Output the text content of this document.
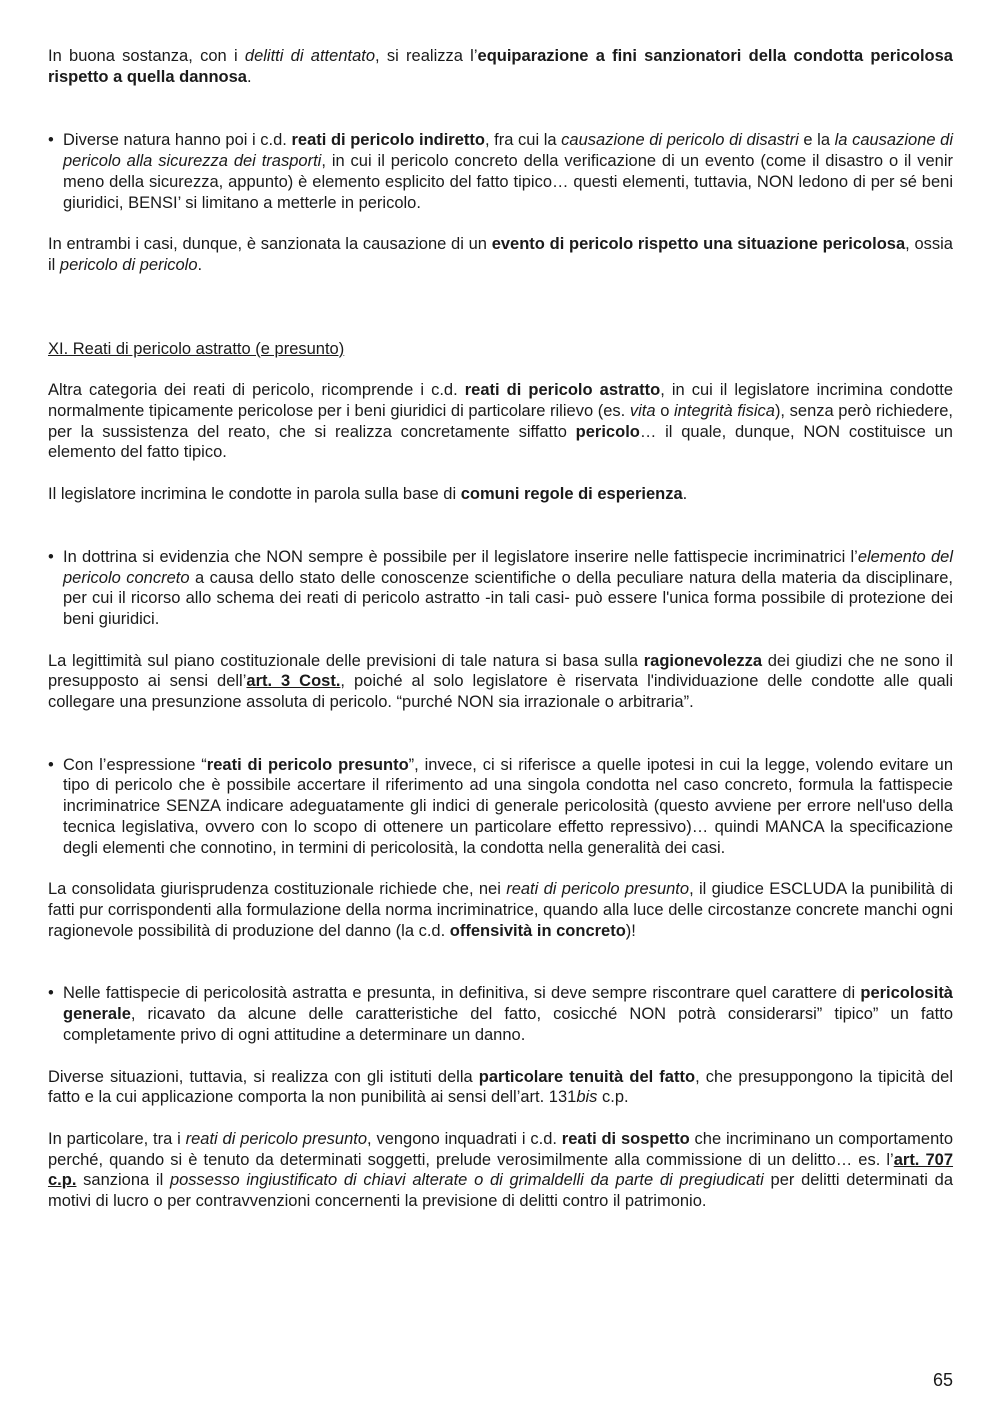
In buona sostanza, con i delitti di attentato, si realizza l’equiparazione a fini sanzionatori della condotta pericolosa rispetto a quella dannosa.

• Diverse natura hanno poi i c.d. reati di pericolo indiretto, fra cui la causazione di pericolo di disastri e la la causazione di pericolo alla sicurezza dei trasporti, in cui il pericolo concreto della verificazione di un evento (come il disastro o il venir meno della sicurezza, appunto) è elemento esplicito del fatto tipico… questi elementi, tuttavia, NON ledono di per sé beni giuridici, BENSI’ si limitano a metterle in pericolo.

In entrambi i casi, dunque, è sanzionata la causazione di un evento di pericolo rispetto una situazione pericolosa, ossia il pericolo di pericolo.

XI. Reati di pericolo astratto (e presunto)

Altra categoria dei reati di pericolo, ricomprende i c.d. reati di pericolo astratto, in cui il legislatore incrimina condotte normalmente tipicamente pericolose per i beni giuridici di particolare rilievo (es. vita o integrità fisica), senza però richiedere, per la sussistenza del reato, che si realizza concretamente siffatto pericolo… il quale, dunque, NON costituisce un elemento del fatto tipico.

Il legislatore incrimina le condotte in parola sulla base di comuni regole di esperienza.

• In dottrina si evidenzia che NON sempre è possibile per il legislatore inserire nelle fattispecie incriminatrici l’elemento del pericolo concreto a causa dello stato delle conoscenze scientifiche o della peculiare natura della materia da disciplinare, per cui il ricorso allo schema dei reati di pericolo astratto -in tali casi- può essere l'unica forma possibile di protezione dei beni giuridici.

La legittimità sul piano costituzionale delle previsioni di tale natura si basa sulla ragionevolezza dei giudizi che ne sono il presupposto ai sensi dell’art. 3 Cost., poiché al solo legislatore è riservata l'individuazione delle condotte alle quali collegare una presunzione assoluta di pericolo. “purché NON sia irrazionale o arbitraria”.

• Con l’espressione “reati di pericolo presunto”, invece, ci si riferisce a quelle ipotesi in cui la legge, volendo evitare un tipo di pericolo che è possibile accertare il riferimento ad una singola condotta nel caso concreto, formula la fattispecie incriminatrice SENZA indicare adeguatamente gli indici di generale pericolosità (questo avviene per errore nell'uso della tecnica legislativa, ovvero con lo scopo di ottenere un particolare effetto repressivo)… quindi MANCA la specificazione degli elementi che connotino, in termini di pericolosità, la condotta nella generalità dei casi.

La consolidata giurisprudenza costituzionale richiede che, nei reati di pericolo presunto, il giudice ESCLUDA la punibilità di fatti pur corrispondenti alla formulazione della norma incriminatrice, quando alla luce delle circostanze concrete manchi ogni ragionevole possibilità di produzione del danno (la c.d. offensività in concreto)!

• Nelle fattispecie di pericolosità astratta e presunta, in definitiva, si deve sempre riscontrare quel carattere di pericolosità generale, ricavato da alcune delle caratteristiche del fatto, cosicché NON potrà considerarsi” tipico” un fatto completamente privo di ogni attitudine a determinare un danno.

Diverse situazioni, tuttavia, si realizza con gli istituti della particolare tenuità del fatto, che presuppongono la tipicità del fatto e la cui applicazione comporta la non punibilità ai sensi dell’art. 131bis c.p.

In particolare, tra i reati di pericolo presunto, vengono inquadrati i c.d. reati di sospetto che incriminano un comportamento perché, quando si è tenuto da determinati soggetti, prelude verosimilmente alla commissione di un delitto… es. l’art. 707 c.p. sanziona il possesso ingiustificato di chiavi alterate o di grimaldelli da parte di pregiudicati per delitti determinati da motivi di lucro o per contravvenzioni concernenti la previsione di delitti contro il patrimonio.

65
